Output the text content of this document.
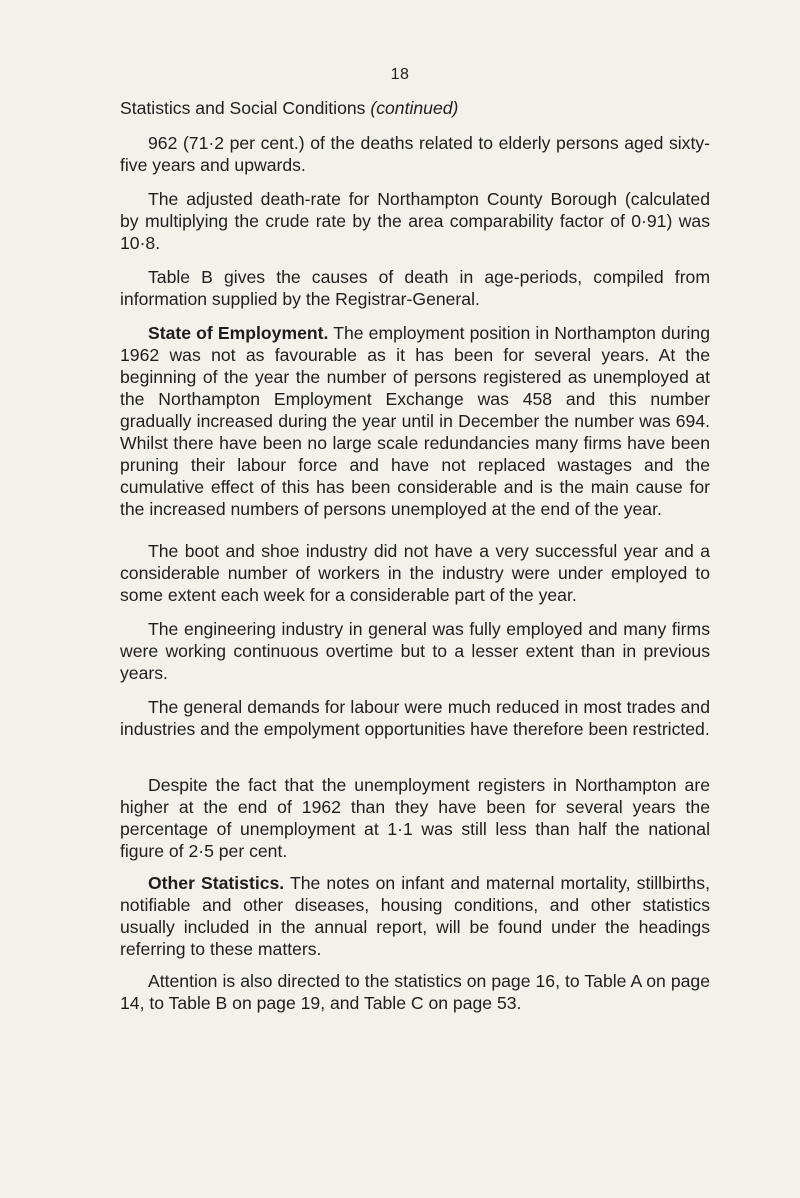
18

Statistics and Social Conditions (continued)

962 (71·2 per cent.) of the deaths related to elderly persons aged sixty-five years and upwards.

The adjusted death-rate for Northampton County Borough (calculated by multiplying the crude rate by the area comparability factor of 0·91) was 10·8.

Table B gives the causes of death in age-periods, compiled from information supplied by the Registrar-General.

State of Employment. The employment position in Northampton during 1962 was not as favourable as it has been for several years. At the beginning of the year the number of persons registered as unemployed at the Northampton Employment Exchange was 458 and this number gradually increased during the year until in December the number was 694. Whilst there have been no large scale redundancies many firms have been pruning their labour force and have not replaced wastages and the cumulative effect of this has been considerable and is the main cause for the increased numbers of persons unemployed at the end of the year.

The boot and shoe industry did not have a very successful year and a considerable number of workers in the industry were under employed to some extent each week for a considerable part of the year.

The engineering industry in general was fully employed and many firms were working continuous overtime but to a lesser extent than in previous years.

The general demands for labour were much reduced in most trades and industries and the empolyment opportunities have therefore been restricted.

Despite the fact that the unemployment registers in Northampton are higher at the end of 1962 than they have been for several years the percentage of unemployment at 1·1 was still less than half the national figure of 2·5 per cent.

Other Statistics. The notes on infant and maternal mortality, stillbirths, notifiable and other diseases, housing conditions, and other statistics usually included in the annual report, will be found under the headings referring to these matters.

Attention is also directed to the statistics on page 16, to Table A on page 14, to Table B on page 19, and Table C on page 53.
